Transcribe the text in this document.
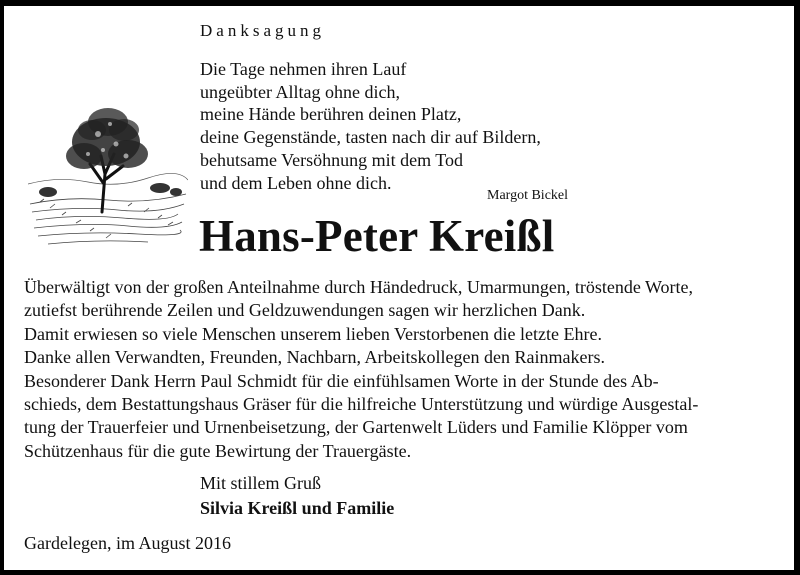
Danksagung
Die Tage nehmen ihren Lauf
ungeübter Alltag ohne dich,
meine Hände berühren deinen Platz,
deine Gegenstände, tasten nach dir auf Bildern,
behutsame Versöhnung mit dem Tod
und dem Leben ohne dich.
Margot Bickel
Hans-Peter Kreißl

Überwältigt von der großen Anteilnahme durch Händedruck, Umarmungen, tröstende Worte,

zutiefst berührende Zeilen und Geldzuwendungen sagen wir herzlichen Dank.

Damit erwiesen so viele Menschen unserem lieben Verstorbenen die letzte Ehre.

Danke allen Verwandten, Freunden, Nachbarn, Arbeitskollegen den Rainmakers.

Besonderer Dank Herrn Paul Schmidt für die einfühlsamen Worte in der Stunde des Ab-

schieds, dem Bestattungshaus Gräser für die hilfreiche Unterstützung und würdige Ausgestal-

tung der Trauerfeier und Urnenbeisetzung, der Gartenwelt Lüders und Familie Klöpper vom

Schützenhaus für die gute Bewirtung der Trauergäste.

Mit stillem Gruß
Silvia Kreißl und Familie
Gardelegen, im August 2016
